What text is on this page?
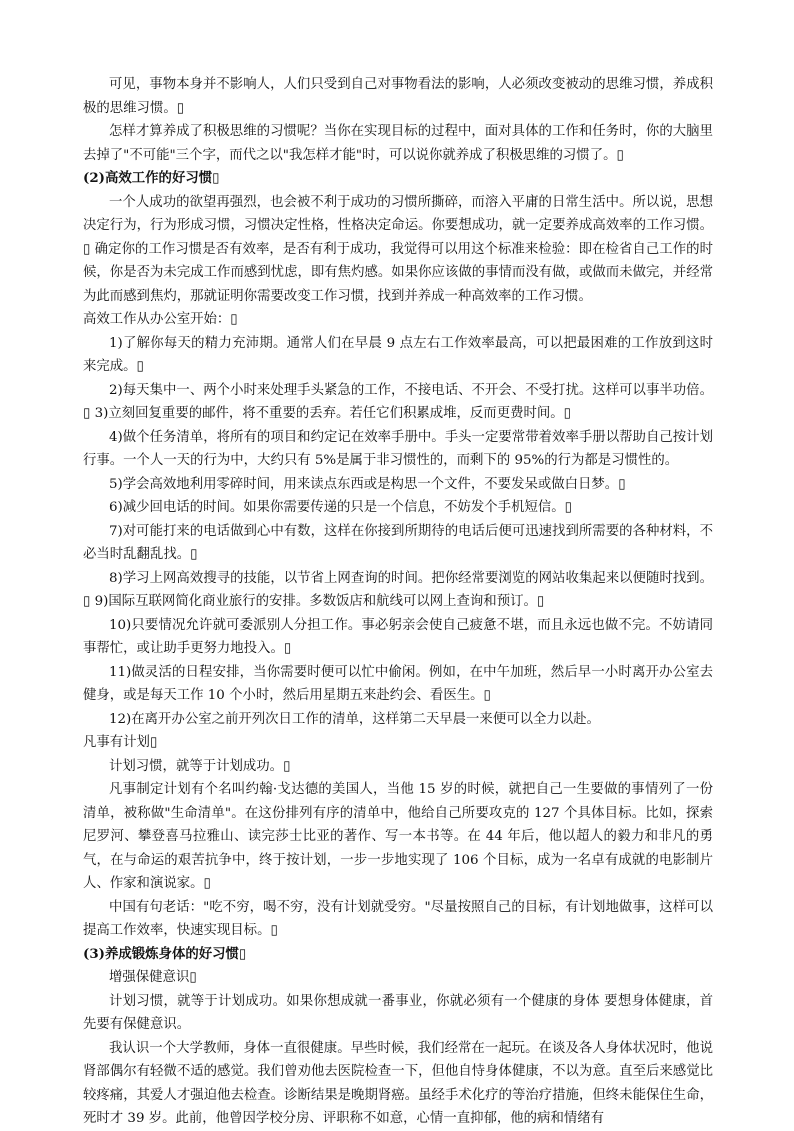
可见，事物本身并不影响人，人们只受到自己对事物看法的影响，人必须改变被动的思维习惯，养成积极的思维习惯。▯

怎样才算养成了积极思维的习惯呢？当你在实现目标的过程中，面对具体的工作和任务时，你的大脑里去掉了"不可能"三个字，而代之以"我怎样才能"时，可以说你就养成了积极思维的习惯了。▯

(2)高效工作的好习惯▯

一个人成功的欲望再强烈，也会被不利于成功的习惯所撕碎，而溶入平庸的日常生活中。所以说，思想决定行为，行为形成习惯，习惯决定性格，性格决定命运。你要想成功，就一定要养成高效率的工作习惯。▯ 确定你的工作习惯是否有效率，是否有利于成功，我觉得可以用这个标准来检验：即在检省自己工作的时候，你是否为未完成工作而感到忧虑，即有焦灼感。如果你应该做的事情而没有做，或做而未做完，并经常为此而感到焦灼，那就证明你需要改变工作习惯，找到并养成一种高效率的工作习惯。

高效工作从办公室开始：▯

1)了解你每天的精力充沛期。通常人们在早晨 9 点左右工作效率最高，可以把最困难的工作放到这时来完成。▯

2)每天集中一、两个小时来处理手头紧急的工作，不接电话、不开会、不受打扰。这样可以事半功倍。▯ 3)立刻回复重要的邮件，将不重要的丢弃。若任它们积累成堆，反而更费时间。▯

4)做个任务清单，将所有的项目和约定记在效率手册中。手头一定要常带着效率手册以帮助自己按计划行事。一个人一天的行为中，大约只有 5%是属于非习惯性的，而剩下的 95%的行为都是习惯性的。

5)学会高效地利用零碎时间，用来读点东西或是构思一个文件，不要发呆或做白日梦。▯

6)减少回电话的时间。如果你需要传递的只是一个信息，不妨发个手机短信。▯

7)对可能打来的电话做到心中有数，这样在你接到所期待的电话后便可迅速找到所需要的各种材料，不必当时乱翻乱找。▯

8)学习上网高效搜寻的技能，以节省上网查询的时间。把你经常要浏览的网站收集起来以便随时找到。▯ 9)国际互联网简化商业旅行的安排。多数饭店和航线可以网上查询和预订。▯

10)只要情况允许就可委派别人分担工作。事必躬亲会使自己疲惫不堪，而且永远也做不完。不妨请同事帮忙，或让助手更努力地投入。▯

11)做灵活的日程安排，当你需要时便可以忙中偷闲。例如，在中午加班，然后早一小时离开办公室去健身，或是每天工作 10 个小时，然后用星期五来赴约会、看医生。▯

12)在离开办公室之前开列次日工作的清单，这样第二天早晨一来便可以全力以赴。

凡事有计划▯

计划习惯，就等于计划成功。▯

凡事制定计划有个名叫约翰·戈达德的美国人，当他 15 岁的时候，就把自己一生要做的事情列了一份清单，被称做"生命清单"。在这份排列有序的清单中，他给自己所要攻克的 127 个具体目标。比如，探索尼罗河、攀登喜马拉雅山、读完莎士比亚的著作、写一本书等。在 44 年后，他以超人的毅力和非凡的勇气，在与命运的艰苦抗争中，终于按计划，一步一步地实现了 106 个目标，成为一名卓有成就的电影制片人、作家和演说家。▯

中国有句老话："吃不穷，喝不穷，没有计划就受穷。"尽量按照自己的目标，有计划地做事，这样可以提高工作效率，快速实现目标。▯

(3)养成锻炼身体的好习惯▯

增强保健意识▯

计划习惯，就等于计划成功。如果你想成就一番事业，你就必须有一个健康的身体 要想身体健康，首先要有保健意识。

我认识一个大学教师，身体一直很健康。早些时候，我们经常在一起玩。在谈及各人身体状况时，他说肾部偶尔有轻微不适的感觉。我们曾劝他去医院检查一下，但他自恃身体健康，不以为意。直至后来感觉比较疼痛，其爱人才强迫他去检查。诊断结果是晚期肾癌。虽经手术化疗的等治疗措施，但终未能保住生命，死时才 39 岁。此前，他曾因学校分房、评职称不如意，心情一直抑郁，他的病和情绪有
